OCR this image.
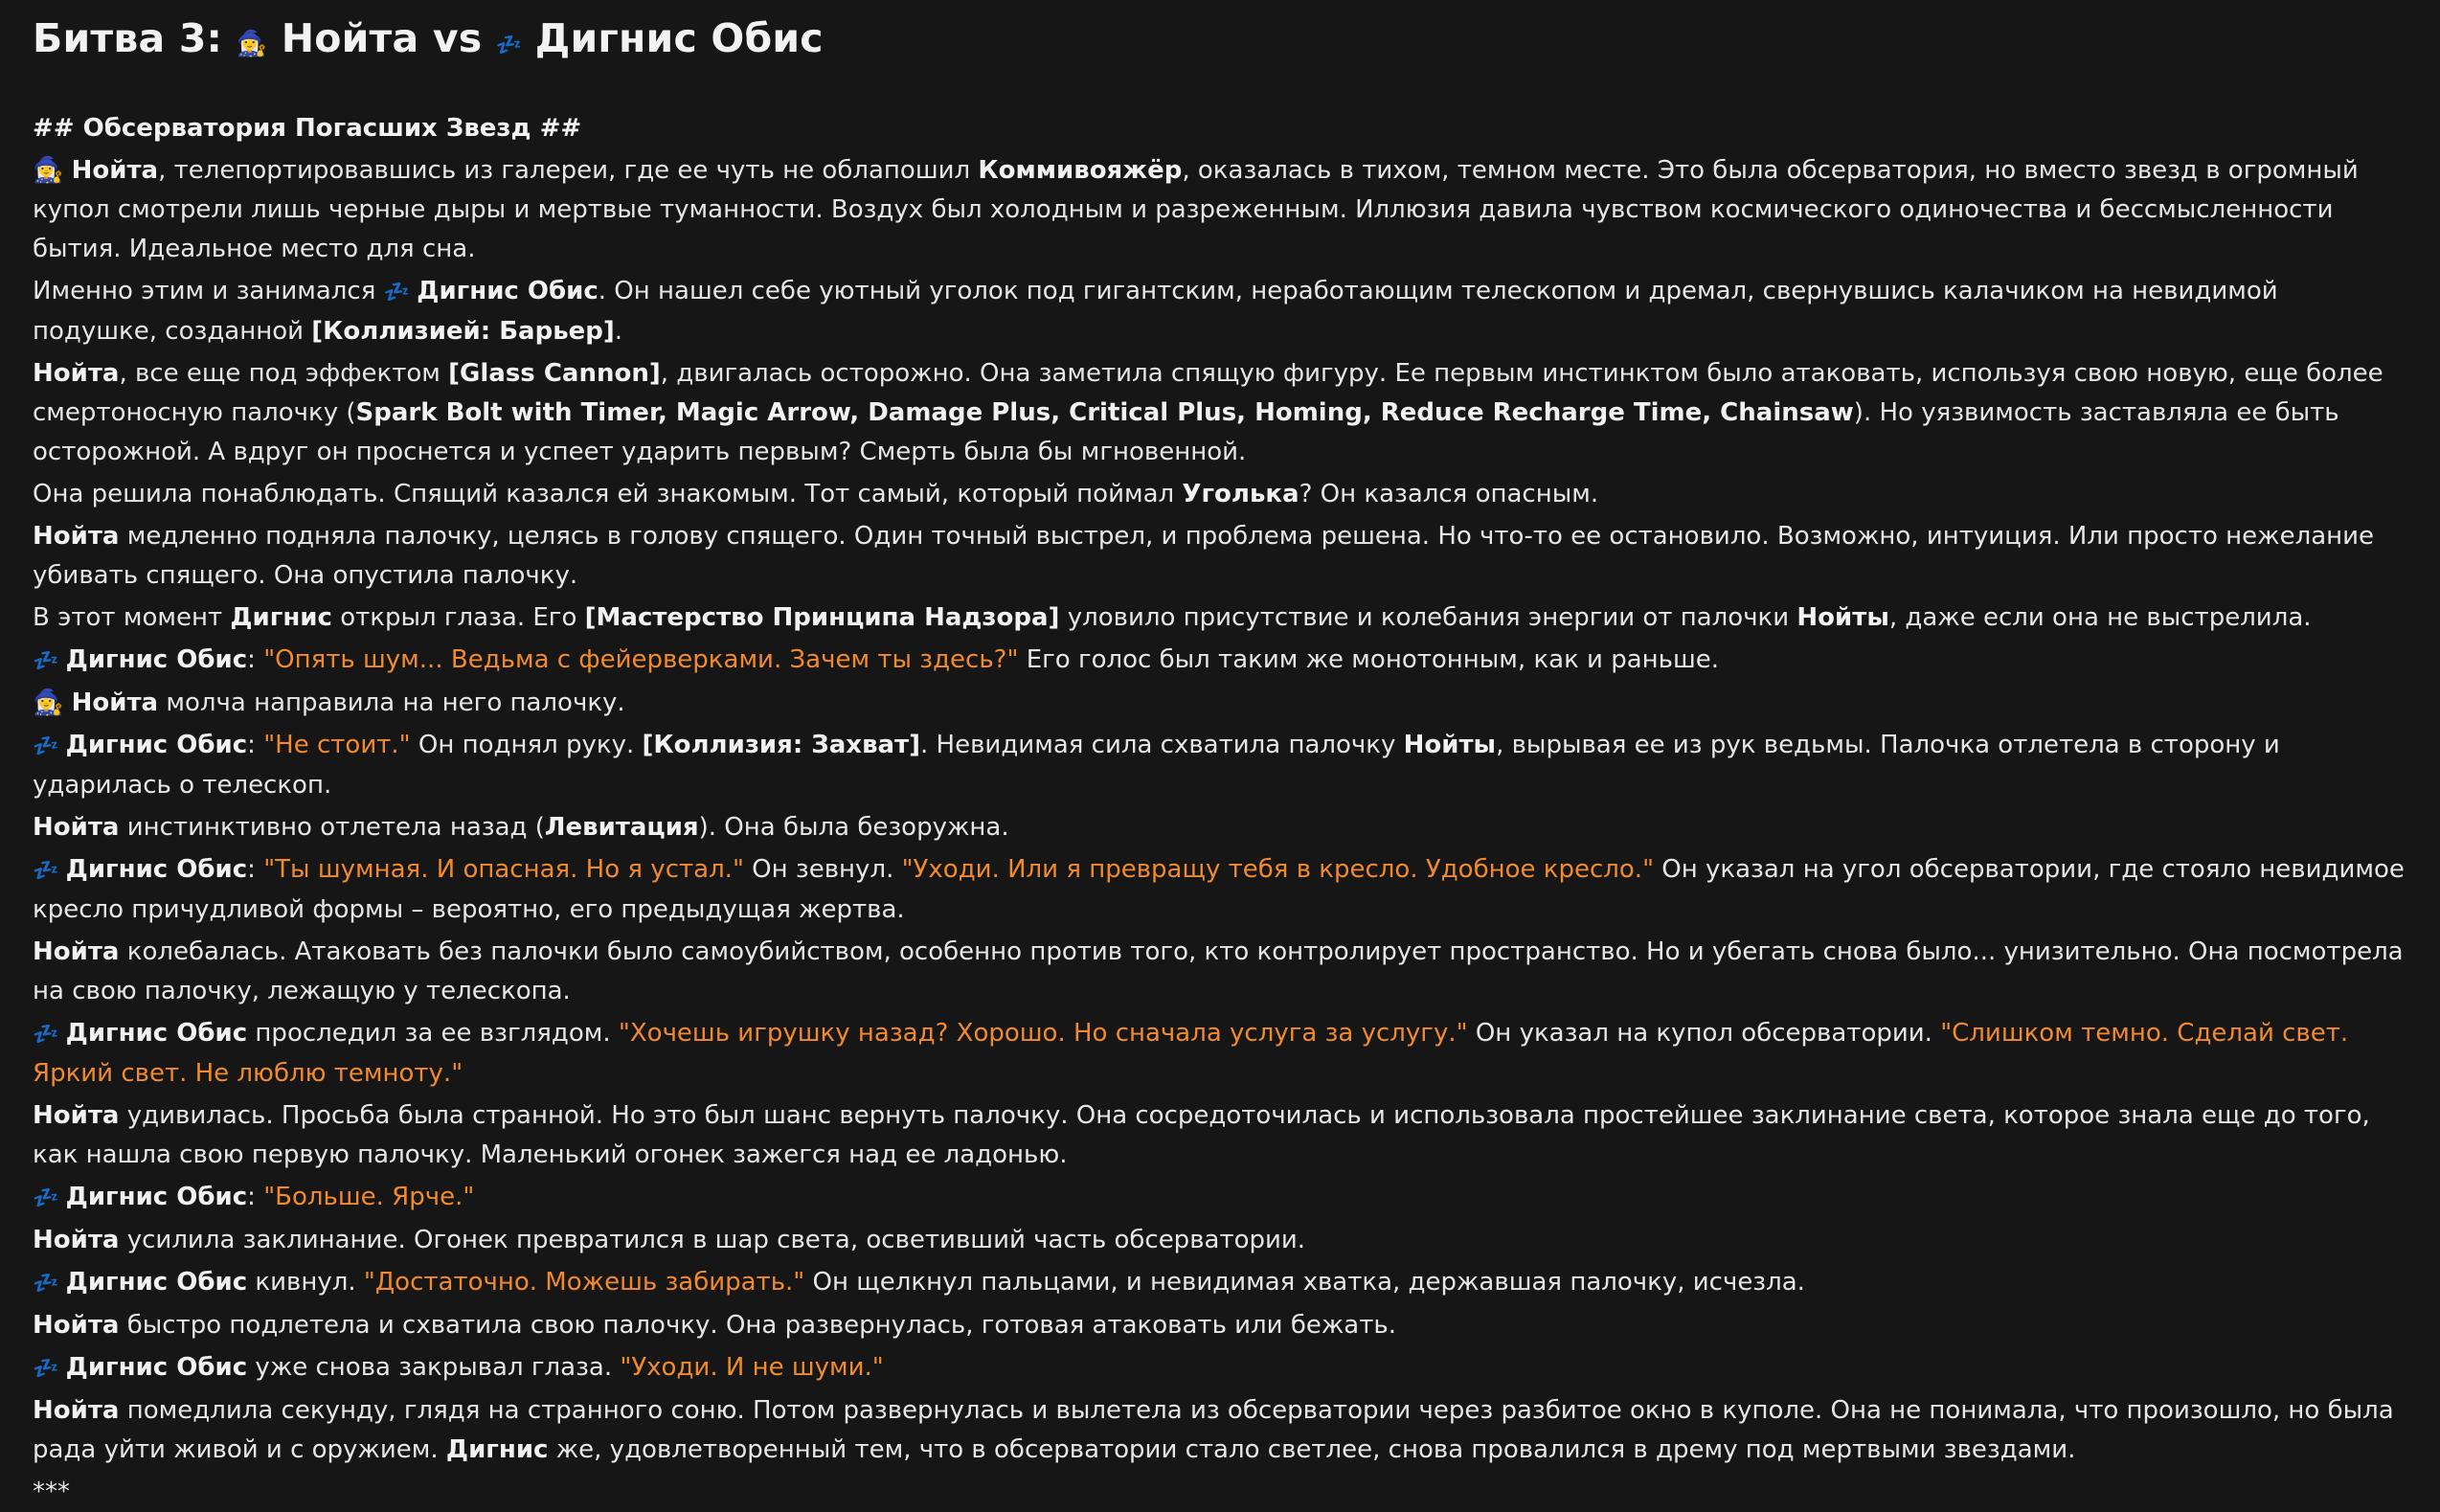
Битва 3: 🧙‍♀️ Нойта vs 💤 Дигнис Обис
## Обсерватория Погасших Звезд ##
🧙‍♀️ Нойта, телепортировавшись из галереи, где ее чуть не облапошил Коммивояжёр, оказалась в тихом, темном месте. Это была обсерватория, но вместо звезд в огромный купол смотрели лишь черные дыры и мертвые туманности. Воздух был холодным и разреженным. Иллюзия давила чувством космического одиночества и бессмысленности бытия. Идеальное место для сна.
Именно этим и занимался 💤 Дигнис Обис. Он нашел себе уютный уголок под гигантским, неработающим телескопом и дремал, свернувшись калачиком на невидимой подушке, созданной [Коллизией: Барьер].
Нойта, все еще под эффектом [Glass Cannon], двигалась осторожно. Она заметила спящую фигуру. Ее первым инстинктом было атаковать, используя свою новую, еще более смертоносную палочку (Spark Bolt with Timer, Magic Arrow, Damage Plus, Critical Plus, Homing, Reduce Recharge Time, Chainsaw). Но уязвимость заставляла ее быть осторожной. А вдруг он проснется и успеет ударить первым? Смерть была бы мгновенной.
Она решила понаблюдать. Спящий казался ей знакомым. Тот самый, который поймал Уголька? Он казался опасным.
Нойта медленно подняла палочку, целясь в голову спящего. Один точный выстрел, и проблема решена. Но что-то ее остановило. Возможно, интуиция. Или просто нежелание убивать спящего. Она опустила палочку.
В этот момент Дигнис открыл глаза. Его [Мастерство Принципа Надзора] уловило присутствие и колебания энергии от палочки Нойты, даже если она не выстрелила.
💤 Дигнис Обис: "Опять шум... Ведьма с фейерверками. Зачем ты здесь?" Его голос был таким же монотонным, как и раньше.
🧙‍♀️ Нойта молча направила на него палочку.
💤 Дигнис Обис: "Не стоит." Он поднял руку. [Коллизия: Захват]. Невидимая сила схватила палочку Нойты, вырывая ее из рук ведьмы. Палочка отлетела в сторону и ударилась о телескоп.
Нойта инстинктивно отлетела назад (Левитация). Она была безоружна.
💤 Дигнис Обис: "Ты шумная. И опасная. Но я устал." Он зевнул. "Уходи. Или я превращу тебя в кресло. Удобное кресло." Он указал на угол обсерватории, где стояло невидимое кресло причудливой формы – вероятно, его предыдущая жертва.
Нойта колебалась. Атаковать без палочки было самоубийством, особенно против того, кто контролирует пространство. Но и убегать снова было... унизительно. Она посмотрела на свою палочку, лежащую у телескопа.
💤 Дигнис Обис проследил за ее взглядом. "Хочешь игрушку назад? Хорошо. Но сначала услуга за услугу." Он указал на купол обсерватории. "Слишком темно. Сделай свет. Яркий свет. Не люблю темноту."
Нойта удивилась. Просьба была странной. Но это был шанс вернуть палочку. Она сосредоточилась и использовала простейшее заклинание света, которое знала еще до того, как нашла свою первую палочку. Маленький огонек зажегся над ее ладонью.
💤 Дигнис Обис: "Больше. Ярче."
Нойта усилила заклинание. Огонек превратился в шар света, осветивший часть обсерватории.
💤 Дигнис Обис кивнул. "Достаточно. Можешь забирать." Он щелкнул пальцами, и невидимая хватка, державшая палочку, исчезла.
Нойта быстро подлетела и схватила свою палочку. Она развернулась, готовая атаковать или бежать.
💤 Дигнис Обис уже снова закрывал глаза. "Уходи. И не шуми."
Нойта помедлила секунду, глядя на странного соню. Потом развернулась и вылетела из обсерватории через разбитое окно в куполе. Она не понимала, что произошло, но была рада уйти живой и с оружием. Дигнис же, удовлетворенный тем, что в обсерватории стало светлее, снова провалился в дрему под мертвыми звездами.
***
